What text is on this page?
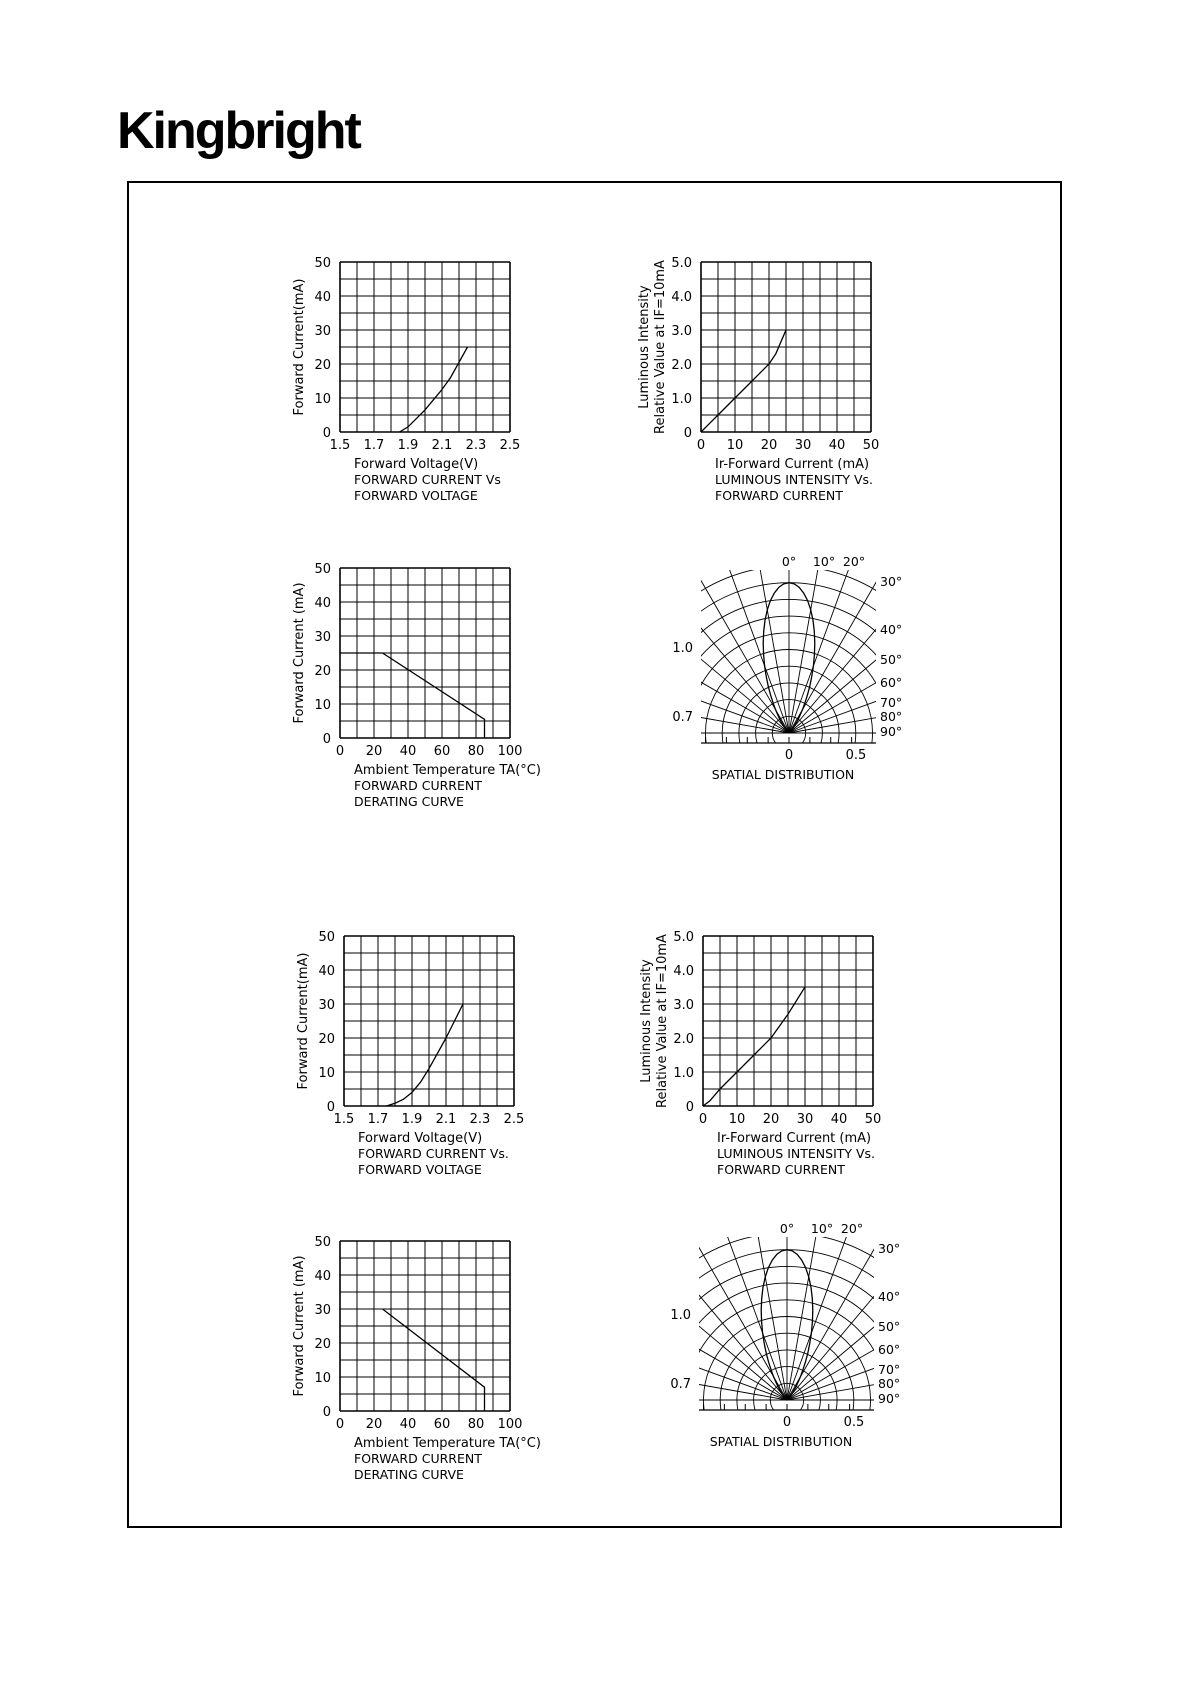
Kingbright
1.5 1.7 1.9 2.1 2.3 2.5
0
10
20
30
40
50
Forward Current(mA)
Forward Voltage(V)
FORWARD CURRENT Vs
FORWARD VOLTAGE
0 10 20 30 40 50
0
1.0
2.0
3.0
4.0
5.0
Luminous Intensity Relative Value at IF=10mA
Ir-Forward Current (mA)
LUMINOUS INTENSITY Vs.
FORWARD CURRENT
0 20 40 60 80 100
0
10
20
30
40
50
Forward Current (mA)
Ambient Temperature TA(°C)
FORWARD CURRENT
DERATING CURVE
0° 10° 20°
30°
40°
50°
60°
70°
80°
90°
1.0
0.7
0	0.5
SPATIAL DISTRIBUTION
1.5 1.7 1.9 2.1 2.3 2.5
0
10
20
30
40
50
Forward Current(mA)
Forward Voltage(V)
FORWARD CURRENT Vs.
FORWARD VOLTAGE
0 10 20 30 40 50
0
1.0
2.0
3.0
4.0
5.0
Luminous Intensity Relative Value at IF=10mA
Ir-Forward Current (mA)
LUMINOUS INTENSITY Vs.
FORWARD CURRENT
0 20 40 60 80 100
0
10
20
30
40
50
Forward Current (mA)
Ambient Temperature TA(°C)
FORWARD CURRENT
DERATING CURVE
0° 10° 20°
30°
40°
50°
60°
70°
80°
90°
1.0
0.7
0	0.5
SPATIAL DISTRIBUTION
